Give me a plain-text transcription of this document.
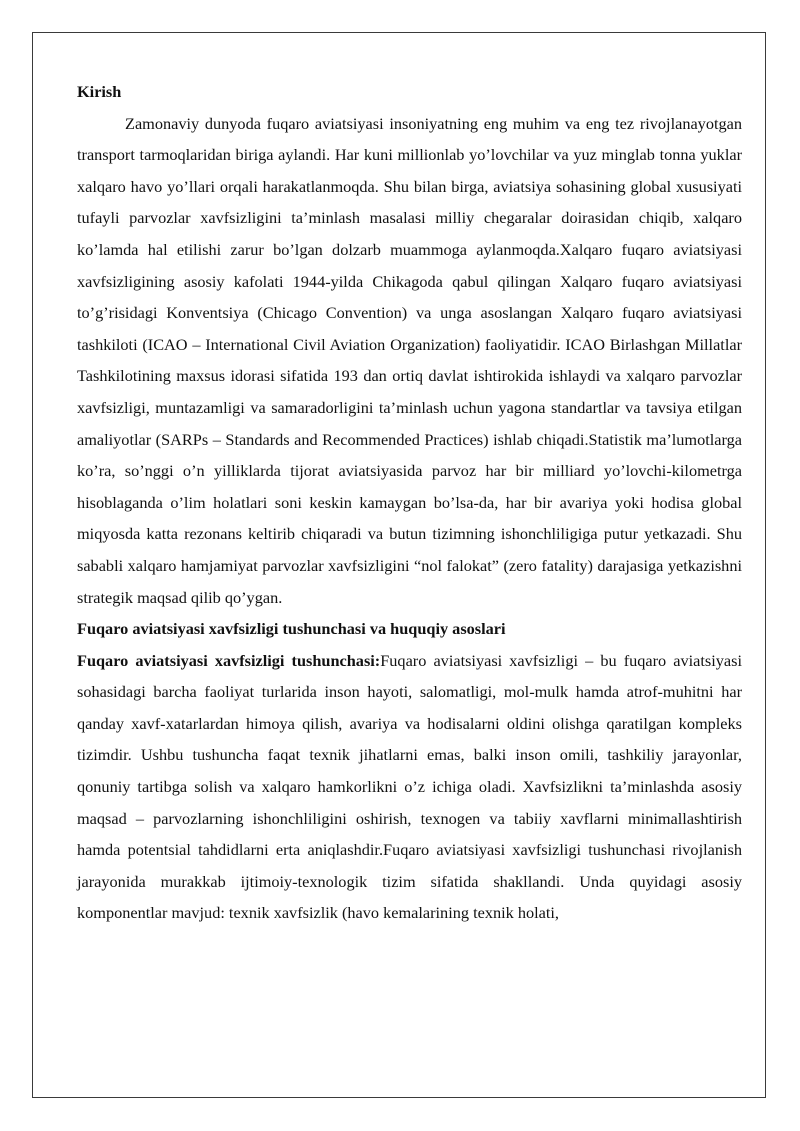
Kirish

Zamonaviy dunyoda fuqaro aviatsiyasi insoniyatning eng muhim va eng tez rivojlanayotgan transport tarmoqlaridan biriga aylandi. Har kuni millionlab yo’lovchilar va yuz minglab tonna yuklar xalqaro havo yo’llari orqali harakatlanmoqda. Shu bilan birga, aviatsiya sohasining global xususiyati tufayli parvozlar xavfsizligini ta’minlash masalasi milliy chegaralar doirasidan chiqib, xalqaro ko’lamda hal etilishi zarur bo’lgan dolzarb muammoga aylanmoqda.Xalqaro fuqaro aviatsiyasi xavfsizligining asosiy kafolati 1944-yilda Chikagoda qabul qilingan Xalqaro fuqaro aviatsiyasi to’g’risidagi Konventsiya (Chicago Convention) va unga asoslangan Xalqaro fuqaro aviatsiyasi tashkiloti (ICAO – International Civil Aviation Organization) faoliyatidir. ICAO Birlashgan Millatlar Tashkilotining maxsus idorasi sifatida 193 dan ortiq davlat ishtirokida ishlaydi va xalqaro parvozlar xavfsizligi, muntazamligi va samaradorligini ta’minlash uchun yagona standartlar va tavsiya etilgan amaliyotlar (SARPs – Standards and Recommended Practices) ishlab chiqadi.Statistik ma’lumotlarga ko’ra, so’nggi o’n yilliklarda tijorat aviatsiyasida parvoz har bir milliard yo’lovchi-kilometrga hisoblaganda o’lim holatlari soni keskin kamaygan bo’lsa-da, har bir avariya yoki hodisa global miqyosda katta rezonans keltirib chiqaradi va butun tizimning ishonchliligiga putur yetkazadi. Shu sababli xalqaro hamjamiyat parvozlar xavfsizligini “nol falokat” (zero fatality) darajasiga yetkazishni strategik maqsad qilib qo’ygan.

Fuqaro aviatsiyasi xavfsizligi tushunchasi va huquqiy asoslari

Fuqaro aviatsiyasi xavfsizligi tushunchasi:Fuqaro aviatsiyasi xavfsizligi – bu fuqaro aviatsiyasi sohasidagi barcha faoliyat turlarida inson hayoti, salomatligi, mol-mulk hamda atrof-muhitni har qanday xavf-xatarlardan himoya qilish, avariya va hodisalarni oldini olishga qaratilgan kompleks tizimdir. Ushbu tushuncha faqat texnik jihatlarni emas, balki inson omili, tashkiliy jarayonlar, qonuniy tartibga solish va xalqaro hamkorlikni o’z ichiga oladi. Xavfsizlikni ta’minlashda asosiy maqsad – parvozlarning ishonchliligini oshirish, texnogen va tabiiy xavflarni minimallashtirish hamda potentsial tahdidlarni erta aniqlashdir.Fuqaro aviatsiyasi xavfsizligi tushunchasi rivojlanish jarayonida murakkab ijtimoiy-texnologik tizim sifatida shakllandi. Unda quyidagi asosiy komponentlar mavjud: texnik xavfsizlik (havo kemalarining texnik holati,
